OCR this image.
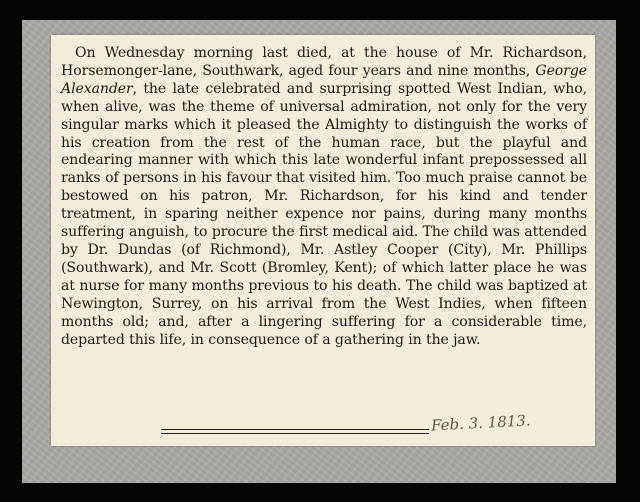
On Wednesday morning last died, at the house of Mr. Richardson, Horsemonger-lane, Southwark, aged four years and nine months, George Alexander, the late celebrated and surprising spotted West Indian, who, when alive, was the theme of universal admiration, not only for the very singular marks which it pleased the Almighty to distinguish the works of his creation from the rest of the human race, but the playful and endearing manner with which this late wonderful infant prepossessed all ranks of persons in his favour that visited him. Too much praise cannot be bestowed on his patron, Mr. Richardson, for his kind and tender treatment, in sparing neither expence nor pains, during many months suffering anguish, to procure the first medical aid. The child was attended by Dr. Dundas (of Richmond), Mr. Astley Cooper (City), Mr. Phillips (Southwark), and Mr. Scott (Bromley, Kent); of which latter place he was at nurse for many months previous to his death. The child was baptized at Newington, Surrey, on his arrival from the West Indies, when fifteen months old; and, after a lingering suffering for a considerable time, departed this life, in consequence of a gathering in the jaw.

Feb. 3. 1813.
